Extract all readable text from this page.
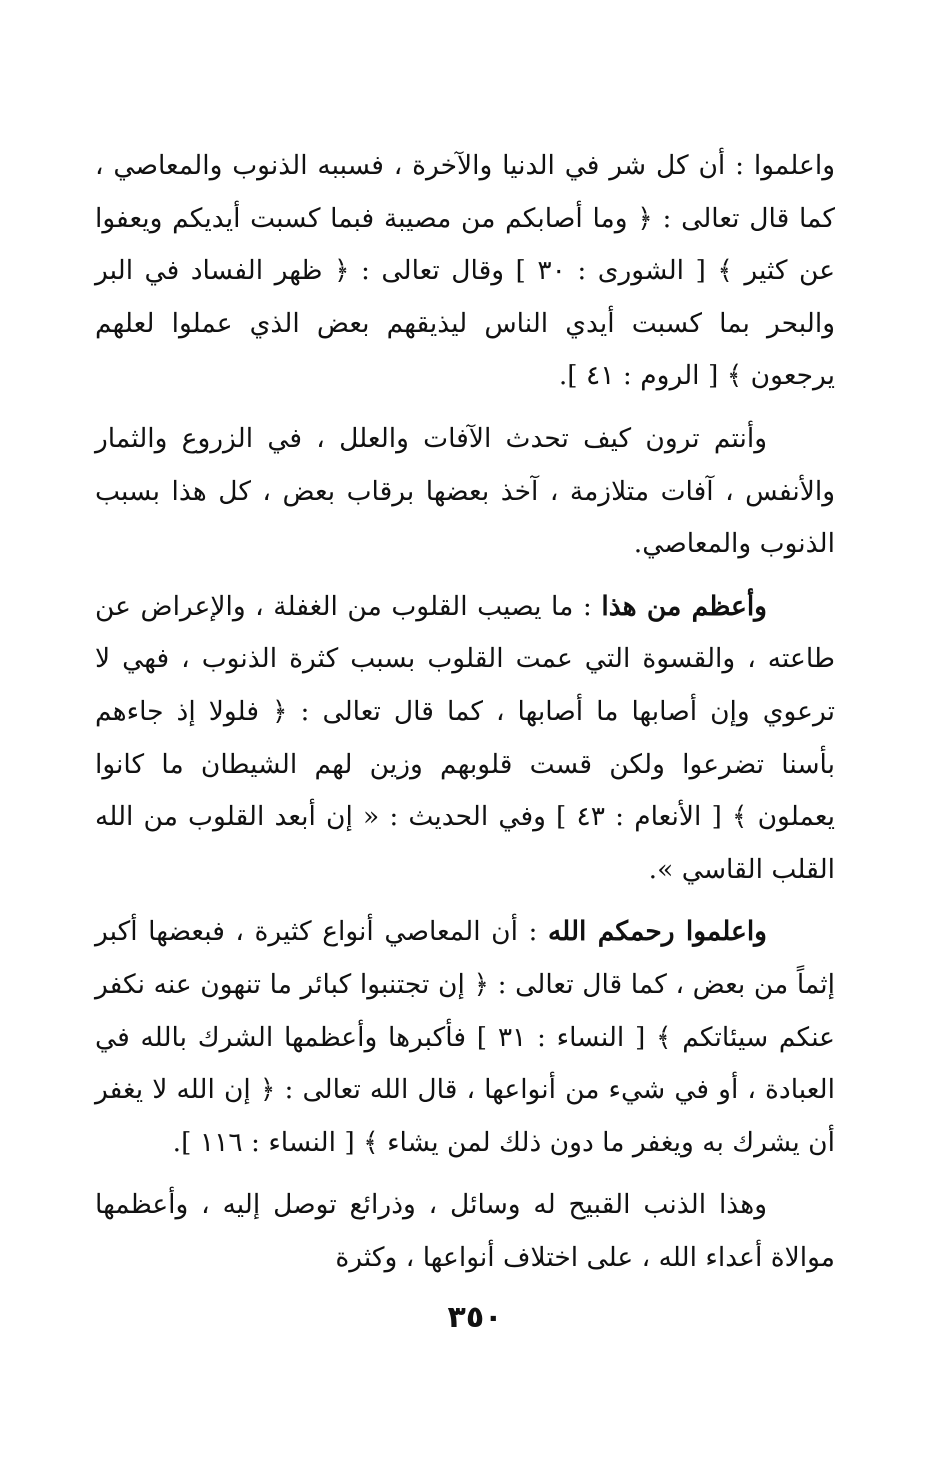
واعلموا : أن كل شر في الدنيا والآخرة ، فسببه الذنوب والمعاصي ، كما قال تعالى : ﴿ وما أصابكم من مصيبة فبما كسبت أيديكم ويعفوا عن كثير ﴾ [ الشورى : ٣٠ ] وقال تعالى : ﴿ ظهر الفساد في البر والبحر بما كسبت أيدي الناس ليذيقهم بعض الذي عملوا لعلهم يرجعون ﴾ [ الروم : ٤١ ].

وأنتم ترون كيف تحدث الآفات والعلل ، في الزروع والثمار والأنفس ، آفات متلازمة ، آخذ بعضها برقاب بعض ، كل هذا بسبب الذنوب والمعاصي.

وأعظم من هذا : ما يصيب القلوب من الغفلة ، والإعراض عن طاعته ، والقسوة التي عمت القلوب بسبب كثرة الذنوب ، فهي لا ترعوي وإن أصابها ما أصابها ، كما قال تعالى : ﴿ فلولا إذ جاءهم بأسنا تضرعوا ولكن قست قلوبهم وزين لهم الشيطان ما كانوا يعملون ﴾ [ الأنعام : ٤٣ ] وفي الحديث : « إن أبعد القلوب من الله القلب القاسي ».

واعلموا رحمكم الله : أن المعاصي أنواع كثيرة ، فبعضها أكبر إثماً من بعض ، كما قال تعالى : ﴿ إن تجتنبوا كبائر ما تنهون عنه نكفر عنكم سيئاتكم ﴾ [ النساء : ٣١ ] فأكبرها وأعظمها الشرك بالله في العبادة ، أو في شيء من أنواعها ، قال الله تعالى : ﴿ إن الله لا يغفر أن يشرك به ويغفر ما دون ذلك لمن يشاء ﴾ [ النساء : ١١٦ ].

وهذا الذنب القبيح له وسائل ، وذرائع توصل إليه ، وأعظمها موالاة أعداء الله ، على اختلاف أنواعها ، وكثرة

٣٥٠
